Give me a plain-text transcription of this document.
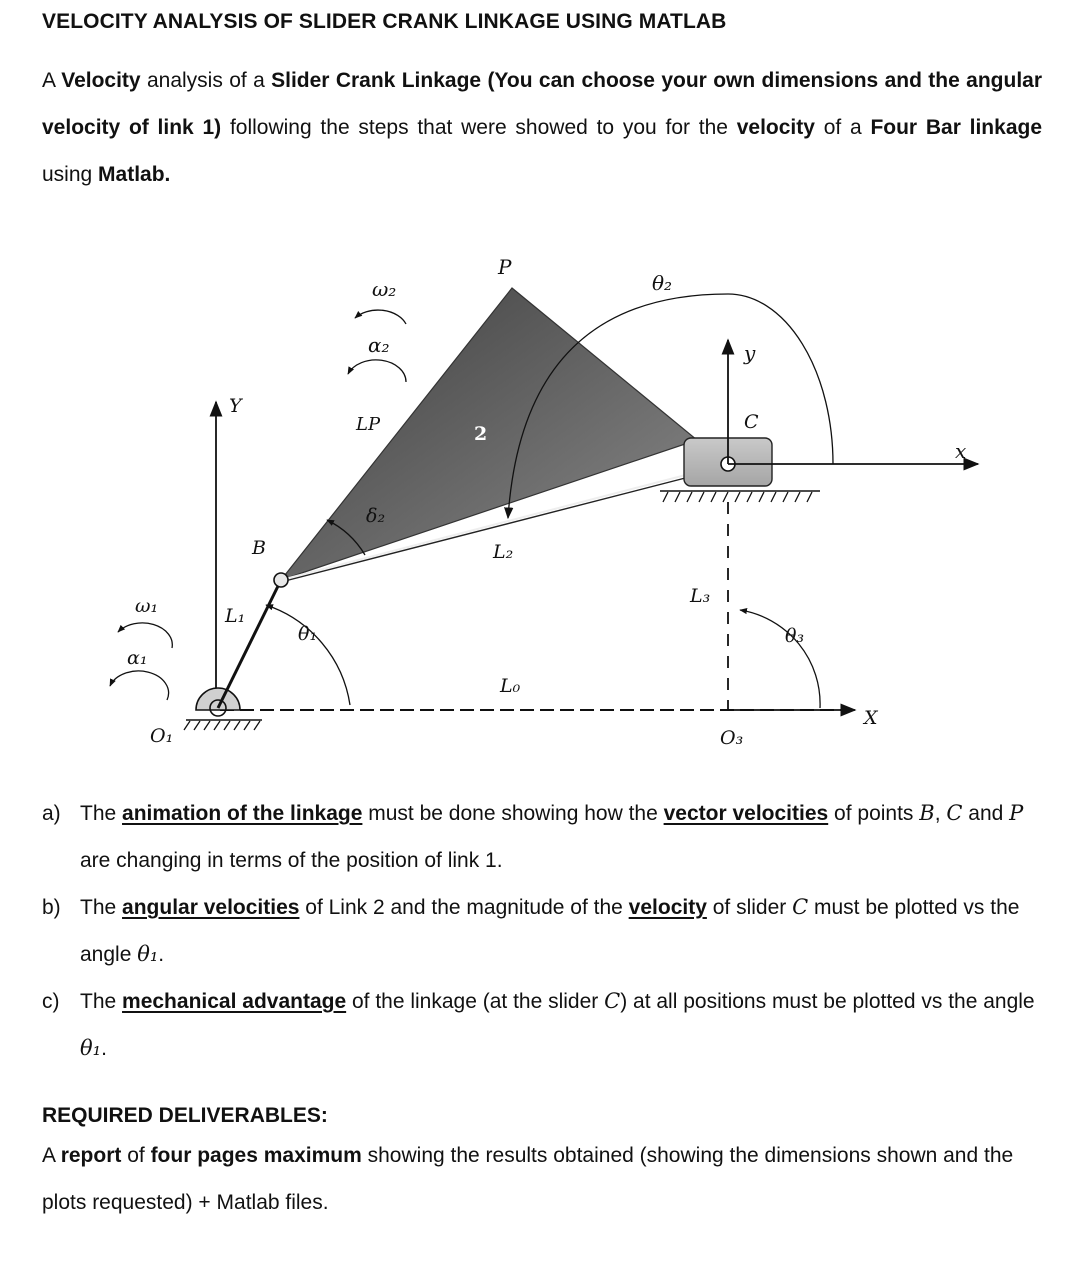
VELOCITY ANALYSIS OF SLIDER CRANK LINKAGE USING MATLAB
A Velocity analysis of a Slider Crank Linkage (You can choose your own dimensions and the angular velocity of link 1) following the steps that were showed to you for the velocity of a Four Bar linkage using Matlab.
P
θ₂
ω₂
α₂	y
Y
C
x
LP	2
δ₂
B	L₂
ω₁	L₁
θ₁
L₃
θ₃
α₁
L₀
X
O₁	O₃
a) The animation of the linkage must be done showing how the vector velocities of points B, C and P are changing in terms of the position of link 1.
b) The angular velocities of Link 2 and the magnitude of the velocity of slider C must be plotted vs the angle θ₁.
c) The mechanical advantage of the linkage (at the slider C) at all positions must be plotted vs the angle θ₁.
REQUIRED DELIVERABLES:
A report of four pages maximum showing the results obtained (showing the dimensions shown and the plots requested) + Matlab files.
